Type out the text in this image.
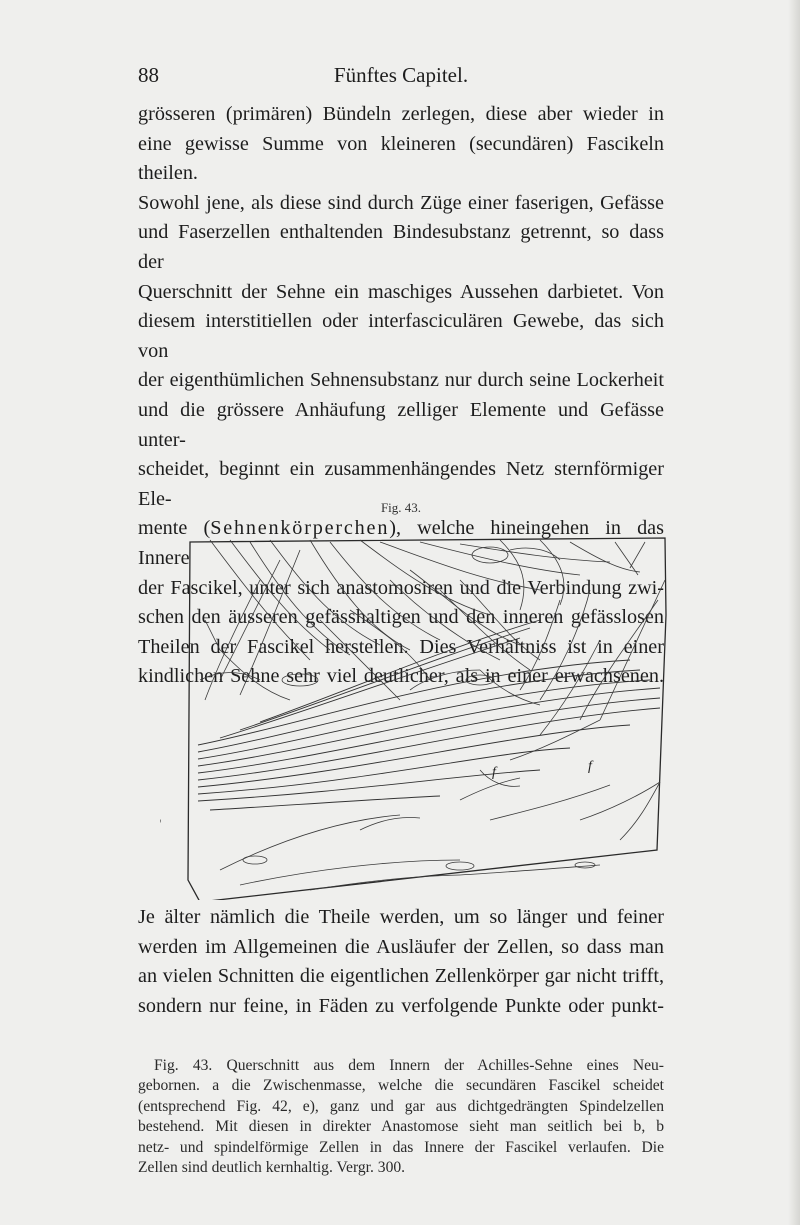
88	Fünftes Capitel.
grösseren (primären) Bündeln zerlegen, diese aber wieder in
eine gewisse Summe von kleineren (secundären) Fascikeln theilen.
Sowohl jene, als diese sind durch Züge einer faserigen, Gefässe
und Faserzellen enthaltenden Bindesubstanz getrennt, so dass der
Querschnitt der Sehne ein maschiges Aussehen darbietet. Von
diesem interstitiellen oder interfasciculären Gewebe, das sich von
der eigenthümlichen Sehnensubstanz nur durch seine Lockerheit
und die grössere Anhäufung zelliger Elemente und Gefässe unter-
scheidet, beginnt ein zusammenhängendes Netz sternförmiger Ele-
mente (Sehnenkörperchen), welche hineingehen in das Innere
der Fascikel, unter sich anastomosiren und die Verbindung zwi-
schen den äusseren gefässhaltigen und den inneren gefässlosen
Theilen der Fascikel herstellen. Dies Verhältniss ist in einer
kindlichen Sehne sehr viel deutlicher, als in einer erwachsenen.
Fig. 43.
f	f
Je älter nämlich die Theile werden, um so länger und feiner
werden im Allgemeinen die Ausläufer der Zellen, so dass man
an vielen Schnitten die eigentlichen Zellenkörper gar nicht trifft,
sondern nur feine, in Fäden zu verfolgende Punkte oder punkt-
Fig. 43. Querschnitt aus dem Innern der Achilles-Sehne eines Neu-
gebornen. a die Zwischenmasse, welche die secundären Fascikel scheidet
(entsprechend Fig. 42, e), ganz und gar aus dichtgedrängten Spindelzellen
bestehend. Mit diesen in direkter Anastomose sieht man seitlich bei b, b
netz- und spindelförmige Zellen in das Innere der Fascikel verlaufen. Die
Zellen sind deutlich kernhaltig. Vergr. 300.
